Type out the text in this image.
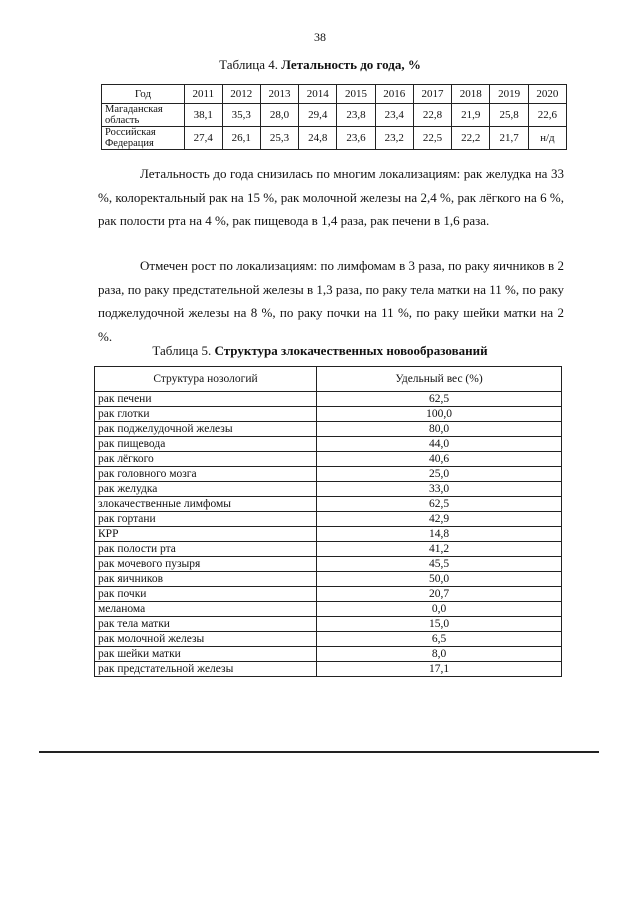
38
Таблица 4. Летальность до года, %
Год	2011	2012	2013	2014	2015	2016	2017	2018	2019	2020
Магаданская область	38,1	35,3	28,0	29,4	23,8	23,4	22,8	21,9	25,8	22,6
Российская Федерация	27,4	26,1	25,3	24,8	23,6	23,2	22,5	22,2	21,7	н/д

Летальность до года снизилась по многим локализациям: рак желудка на 33 %, колоректальный рак на 15 %, рак молочной железы на 2,4 %, рак лёгкого на 6 %, рак полости рта на 4 %, рак пищевода в 1,4 раза, рак печени в 1,6 раза.

Отмечен рост по локализациям: по лимфомам в 3 раза, по раку яичников в 2 раза, по раку предстательной железы в 1,3 раза, по раку тела матки на 11 %, по раку поджелудочной железы на 8 %, по раку почки на 11 %, по раку шейки матки на 2 %.

Таблица 5. Структура злокачественных новообразований
Структура нозологий	Удельный вес (%)
рак печени	62,5
рак глотки	100,0
рак поджелудочной железы	80,0
рак пищевода	44,0
рак лёгкого	40,6
рак головного мозга	25,0
рак желудка	33,0
злокачественные лимфомы	62,5
рак гортани	42,9
КРР	14,8
рак полости рта	41,2
рак мочевого пузыря	45,5
рак яичников	50,0
рак почки	20,7
меланома	0,0
рак тела матки	15,0
рак молочной железы	6,5
рак шейки матки	8,0
рак предстательной железы	17,1
